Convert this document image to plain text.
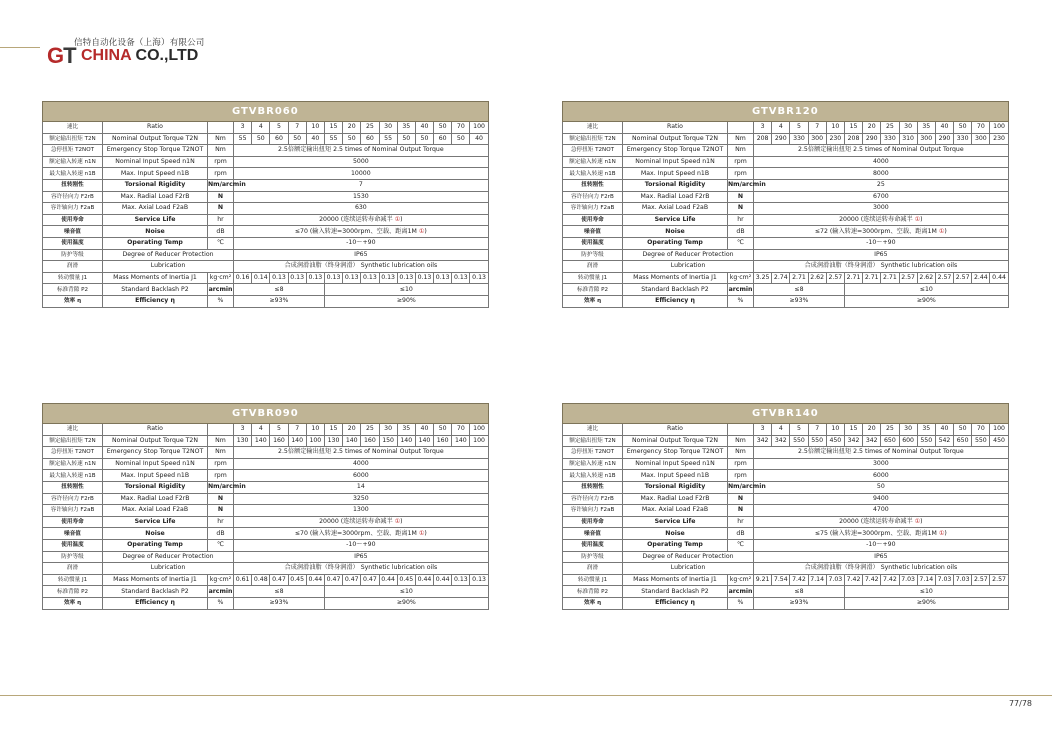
信特自动化设备（上海）有限公司
GT CHINA CO.,LTD
GTVBR060																
速比	Ratio		3	4	5	7	10	15	20	25	30	35	40	50	70	100
额定输出扭矩 T2N	Nominal Output Torque T2N	Nm	55	50	60	50	40	55	50	60	55	50	50	60	50	40
急停扭矩 T2NOT	Emergency Stop Torque T2NOT	Nm	2.5倍额定输出扭矩 2.5 times of Nominal Output Torque													
额定输入转速 n1N	Nominal Input Speed n1N	rpm	5000													
最大输入转速 n1B	Max. Input Speed n1B	rpm	10000													
扭转刚性	Torsional Rigidity	Nm/arcmin	7													
容许径向力 F2rB	Max. Radial Load F2rB	N	1530													
容许轴向力 F2aB	Max. Axial Load F2aB	N	630													
使用寿命	Service Life	hr	20000 (连续运转寿命减半 ①)													
噪音值	Noise	dB	≤70 (输入转速=3000rpm、空载、距离1M ①)													
使用温度	Operating Temp	℃	-10～+90													
防护等级	Degree of Reducer Protection		IP65													
润滑	Lubrication		合成润滑油脂（终身润滑） Synthetic lubrication oils													
转动惯量 J1	Mass Moments of Inertia J1	kg·cm²	0.16	0.14	0.13	0.13	0.13	0.13	0.13	0.13	0.13	0.13	0.13	0.13	0.13	0.13
标准背隙 P2	Standard Backlash P2	arcmin	≤8					≤10								
效率 η	Efficiency η	%	≥93%					≥90%								
GTVBR120																
速比	Ratio		3	4	5	7	10	15	20	25	30	35	40	50	70	100
额定输出扭矩 T2N	Nominal Output Torque T2N	Nm	208	290	330	300	230	208	290	330	310	300	290	330	300	230
急停扭矩 T2NOT	Emergency Stop Torque T2NOT	Nm	2.5倍额定输出扭矩 2.5 times of Nominal Output Torque													
额定输入转速 n1N	Nominal Input Speed n1N	rpm	4000													
最大输入转速 n1B	Max. Input Speed n1B	rpm	8000													
扭转刚性	Torsional Rigidity	Nm/arcmin	25													
容许径向力 F2rB	Max. Radial Load F2rB	N	6700													
容许轴向力 F2aB	Max. Axial Load F2aB	N	3000													
使用寿命	Service Life	hr	20000 (连续运转寿命减半 ①)													
噪音值	Noise	dB	≤72 (输入转速=3000rpm、空载、距离1M ①)													
使用温度	Operating Temp	℃	-10～+90													
防护等级	Degree of Reducer Protection		IP65													
润滑	Lubrication		合成润滑油脂（终身润滑） Synthetic lubrication oils													
转动惯量 J1	Mass Moments of Inertia J1	kg·cm²	3.25	2.74	2.71	2.62	2.57	2.71	2.71	2.71	2.57	2.62	2.57	2.57	2.44	0.44
标准背隙 P2	Standard Backlash P2	arcmin	≤8					≤10								
效率 η	Efficiency η	%	≥93%					≥90%								
GTVBR090																
速比	Ratio		3	4	5	7	10	15	20	25	30	35	40	50	70	100
额定输出扭矩 T2N	Nominal Output Torque T2N	Nm	130	140	160	140	100	130	140	160	150	140	140	160	140	100
急停扭矩 T2NOT	Emergency Stop Torque T2NOT	Nm	2.5倍额定输出扭矩 2.5 times of Nominal Output Torque													
额定输入转速 n1N	Nominal Input Speed n1N	rpm	4000													
最大输入转速 n1B	Max. Input Speed n1B	rpm	6000													
扭转刚性	Torsional Rigidity	Nm/arcmin	14													
容许径向力 F2rB	Max. Radial Load F2rB	N	3250													
容许轴向力 F2aB	Max. Axial Load F2aB	N	1300													
使用寿命	Service Life	hr	20000 (连续运转寿命减半 ①)													
噪音值	Noise	dB	≤70 (输入转速=3000rpm、空载、距离1M ①)													
使用温度	Operating Temp	℃	-10～+90													
防护等级	Degree of Reducer Protection		IP65													
润滑	Lubrication		合成润滑油脂（终身润滑） Synthetic lubrication oils													
转动惯量 J1	Mass Moments of Inertia J1	kg·cm²	0.61	0.48	0.47	0.45	0.44	0.47	0.47	0.47	0.44	0.45	0.44	0.44	0.13	0.13
标准背隙 P2	Standard Backlash P2	arcmin	≤8					≤10								
效率 η	Efficiency η	%	≥93%					≥90%								
GTVBR140																
速比	Ratio		3	4	5	7	10	15	20	25	30	35	40	50	70	100
额定输出扭矩 T2N	Nominal Output Torque T2N	Nm	342	342	550	550	450	342	342	650	600	550	542	650	550	450
急停扭矩 T2NOT	Emergency Stop Torque T2NOT	Nm	2.5倍额定输出扭矩 2.5 times of Nominal Output Torque													
额定输入转速 n1N	Nominal Input Speed n1N	rpm	3000													
最大输入转速 n1B	Max. Input Speed n1B	rpm	6000													
扭转刚性	Torsional Rigidity	Nm/arcmin	50													
容许径向力 F2rB	Max. Radial Load F2rB	N	9400													
容许轴向力 F2aB	Max. Axial Load F2aB	N	4700													
使用寿命	Service Life	hr	20000 (连续运转寿命减半 ①)													
噪音值	Noise	dB	≤75 (输入转速=3000rpm、空载、距离1M ①)													
使用温度	Operating Temp	℃	-10～+90													
防护等级	Degree of Reducer Protection		IP65													
润滑	Lubrication		合成润滑油脂（终身润滑） Synthetic lubrication oils													
转动惯量 J1	Mass Moments of Inertia J1	kg·cm²	9.21	7.54	7.42	7.14	7.03	7.42	7.42	7.42	7.03	7.14	7.03	7.03	2.57	2.57
标准背隙 P2	Standard Backlash P2	arcmin	≤8					≤10								
效率 η	Efficiency η	%	≥93%					≥90%								
77/78
